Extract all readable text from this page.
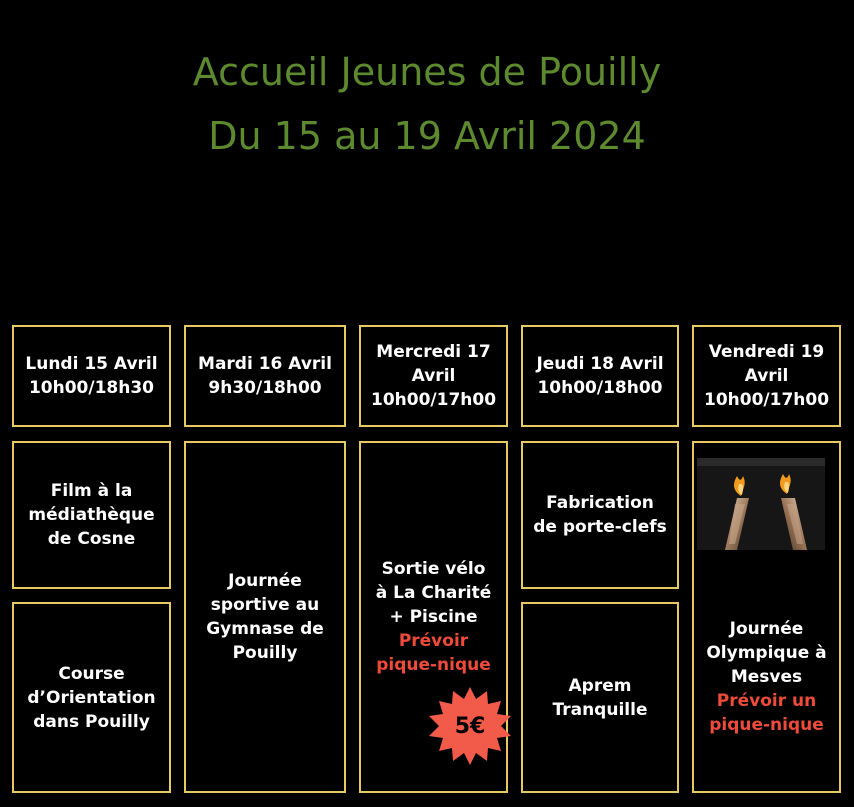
Accueil Jeunes de Pouilly
Du 15 au 19 Avril 2024
Lundi 15 Avril
10h00/18h30
Mardi 16 Avril
9h30/18h00
Mercredi 17 Avril
10h00/17h00
Jeudi 18 Avril
10h00/18h00
Vendredi 19 Avril
10h00/17h00
Film à la médiathèque de Cosne
Course d’Orientation dans Pouilly
Journée sportive au Gymnase de Pouilly
Sortie vélo à La Charité + Piscine
Prévoir pique-nique
Fabrication de porte-clefs
Aprem Tranquille
Journée Olympique à Mesves
Prévoir un pique-nique
5€
